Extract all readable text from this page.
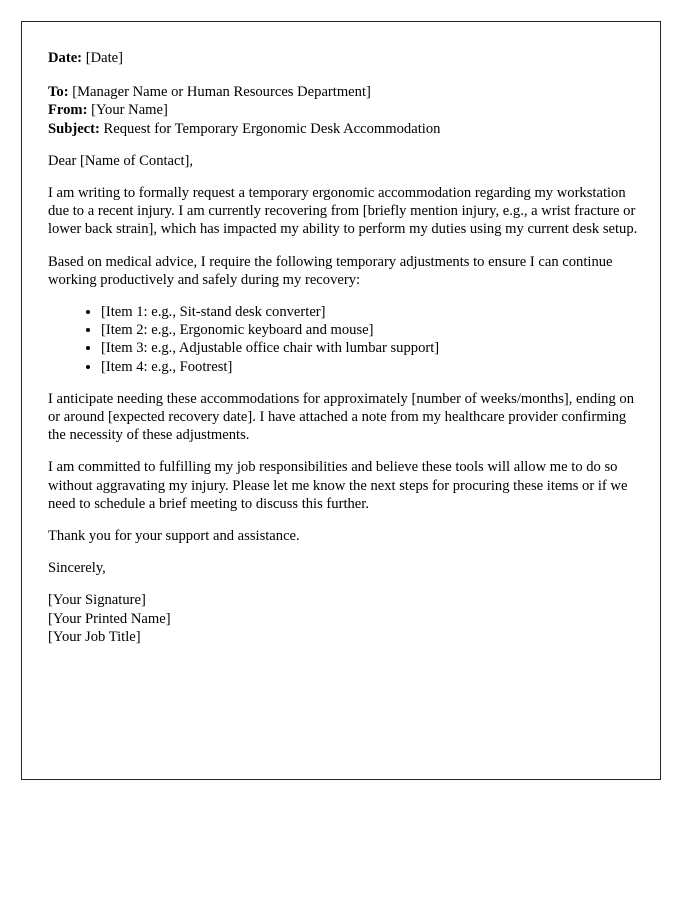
Date: [Date]
To: [Manager Name or Human Resources Department]
From: [Your Name]
Subject: Request for Temporary Ergonomic Desk Accommodation

Dear [Name of Contact],

I am writing to formally request a temporary ergonomic accommodation regarding my workstation due to a recent injury. I am currently recovering from [briefly mention injury, e.g., a wrist fracture or lower back strain], which has impacted my ability to perform my duties using my current desk setup.

Based on medical advice, I require the following temporary adjustments to ensure I can continue working productively and safely during my recovery:

• [Item 1: e.g., Sit-stand desk converter]
• [Item 2: e.g., Ergonomic keyboard and mouse]
• [Item 3: e.g., Adjustable office chair with lumbar support]
• [Item 4: e.g., Footrest]

I anticipate needing these accommodations for approximately [number of weeks/months], ending on or around [expected recovery date]. I have attached a note from my healthcare provider confirming the necessity of these adjustments.

I am committed to fulfilling my job responsibilities and believe these tools will allow me to do so without aggravating my injury. Please let me know the next steps for procuring these items or if we need to schedule a brief meeting to discuss this further.

Thank you for your support and assistance.

Sincerely,

[Your Signature]
[Your Printed Name]
[Your Job Title]
